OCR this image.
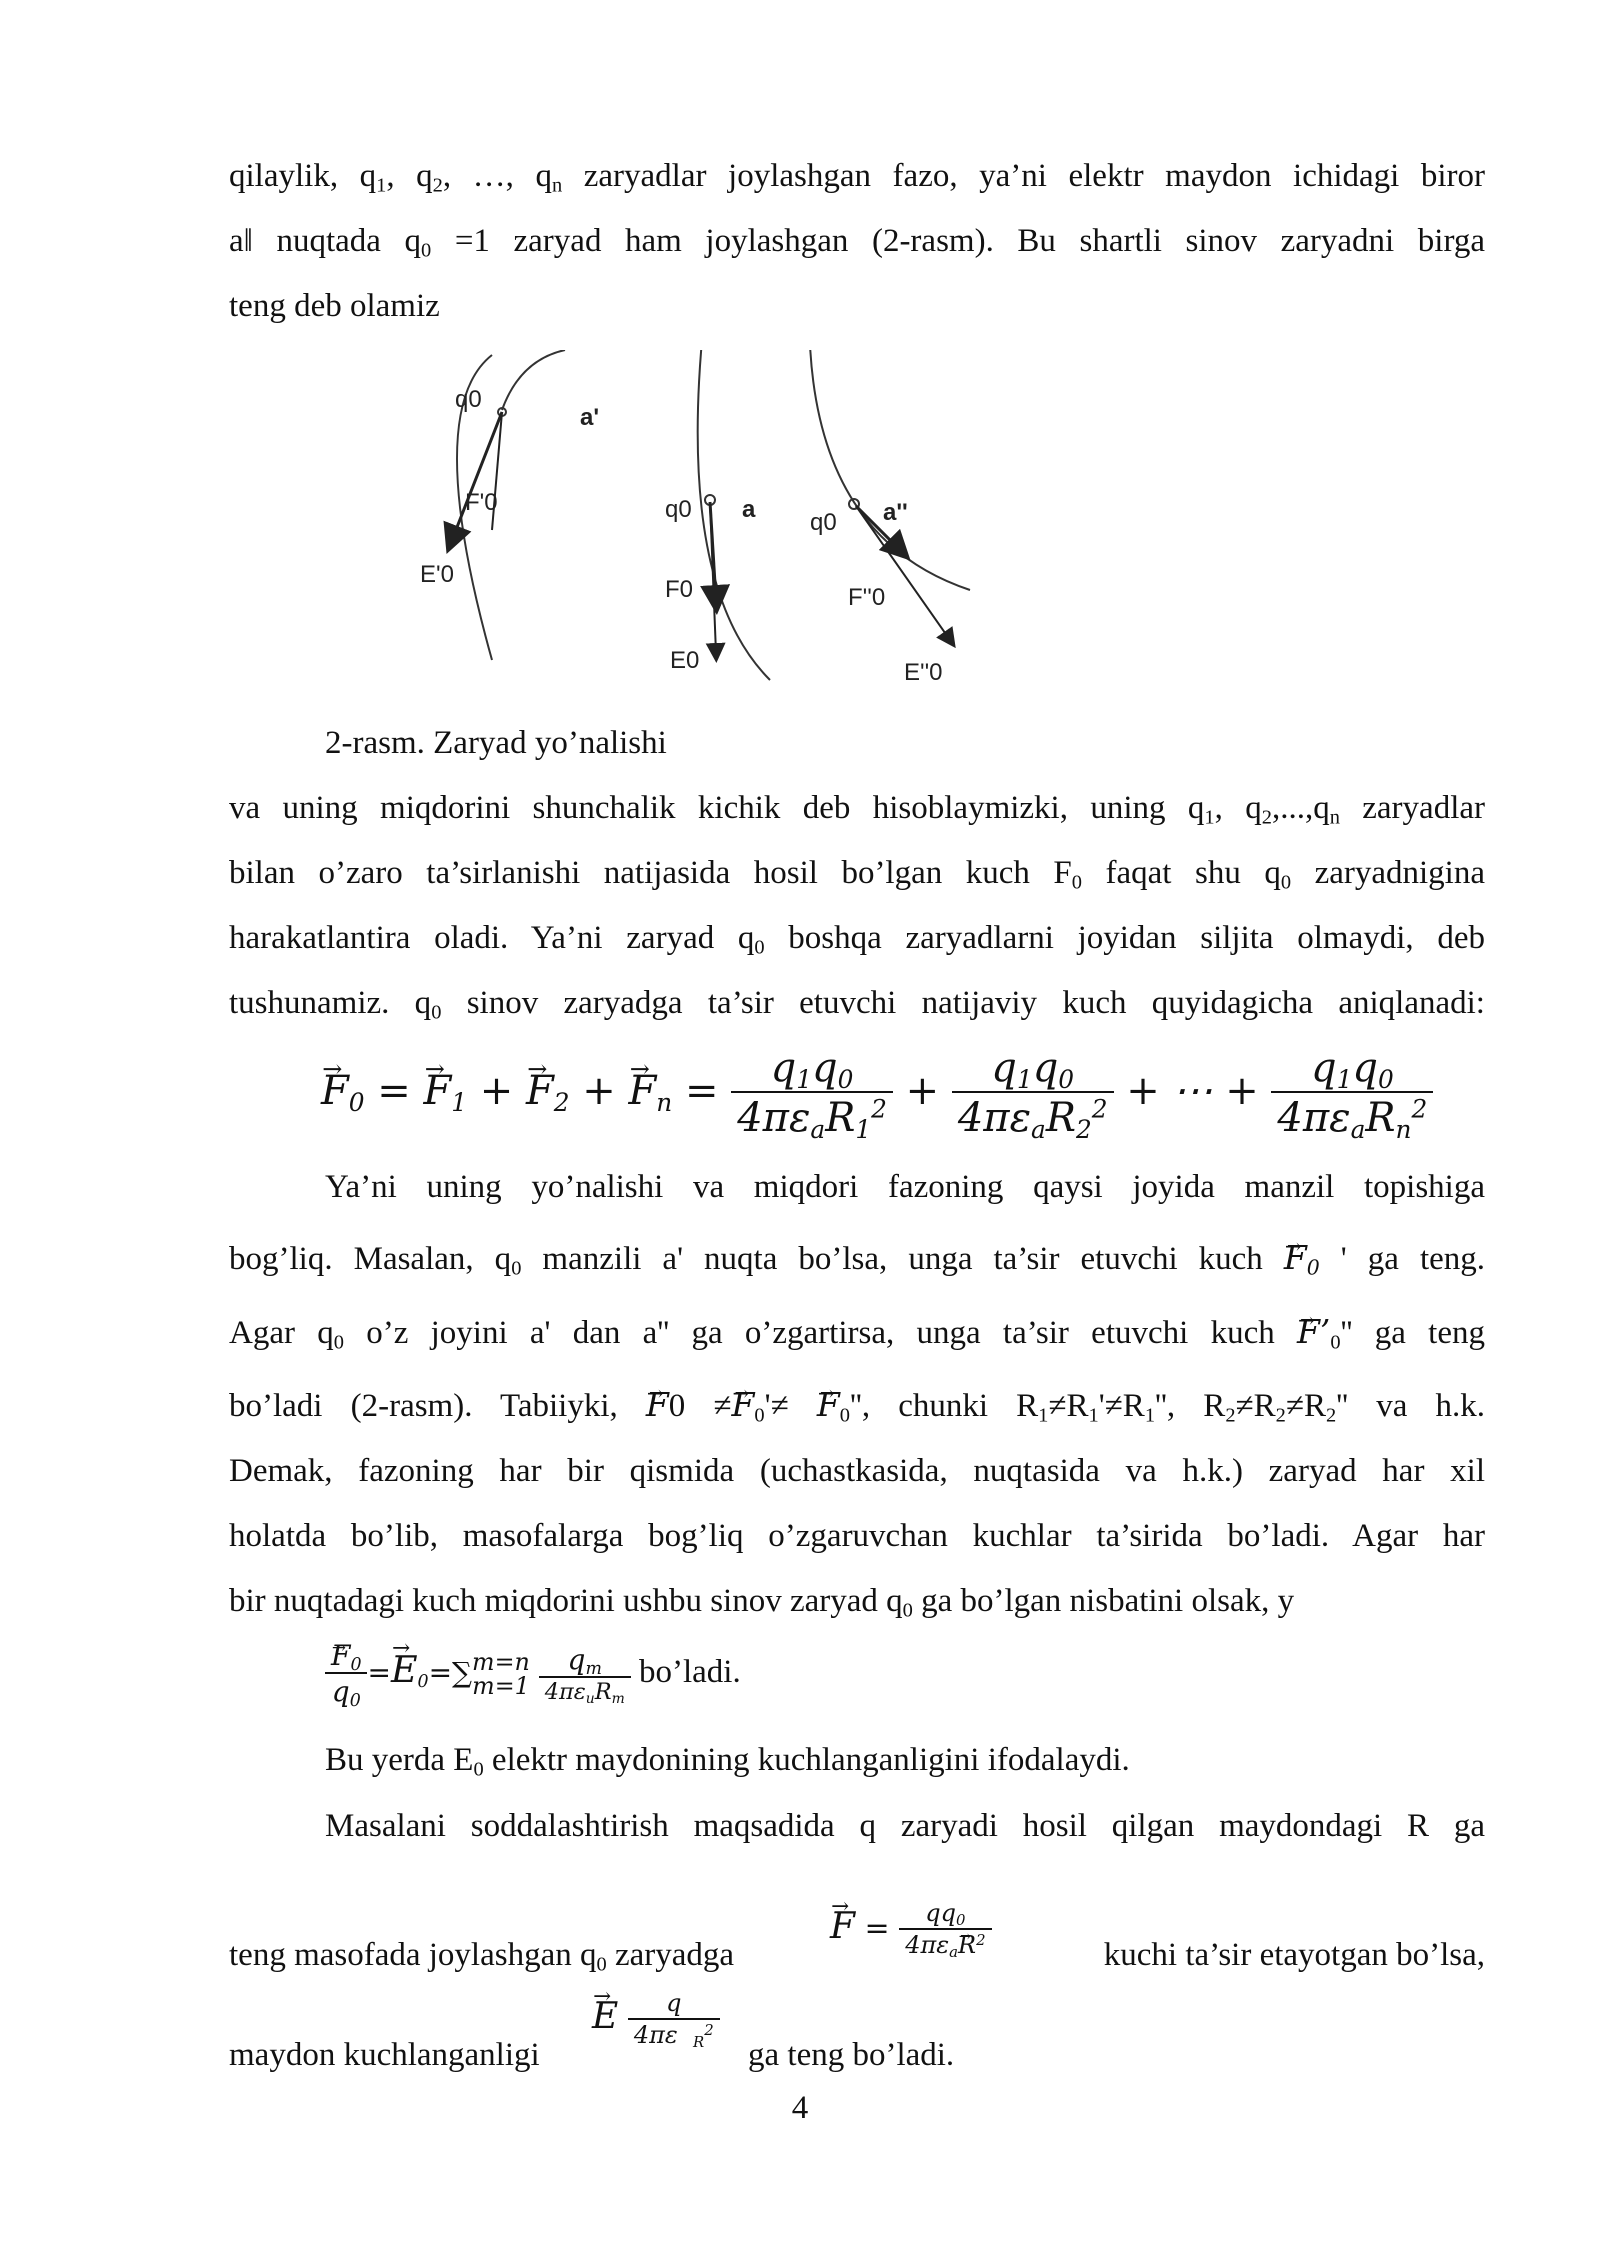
qilaylik, $q_1$, $q_2$, …, $q_n$ zaryadlar joylashgan fazo, ya’ni elektr maydon ichidagi biror
a‖ nuqtada $q_0 =1$ zaryad ham joylashgan (2-rasm). Bu shartli sinov zaryadni birga
teng deb olamiz
q0
a'
F'0
E'0
q0 a
F0
E0
q0 a''
F''0
E''0
2-rasm. Zaryad yo’nalishi
va uning miqdorini shunchalik kichik deb hisoblaymizki, uning $q_1$, $q_2,...,q_n$ zaryadlar
bilan o’zaro ta’sirlanishi natijasida hosil bo’lgan kuch $F_0$ faqat shu $q_0$ zaryadnigina
harakatlantira oladi. Ya’ni zaryad $q_0$ boshqa zaryadlarni joyidan siljita olmaydi, deb
tushunamiz. $q_0$ sinov zaryadga ta’sir etuvchi natijaviy kuch quyidagicha aniqlanadi:
→ $F_0$ = → $F_1$ + → $F_2$ + → $F_n = \frac{q_1q_0}{4\pi\varepsilon_aR_1^2} + \frac{q_1q_0}{4\pi\varepsilon_aR_2^2}$ + ⋯ + $\frac{q_1q_0}{4\pi\varepsilon_aR_n^2}$
Ya’ni uning yo’nalishi va miqdori fazoning qaysi joyida manzil topishiga
bog’liq. Masalan, $q_0$ manzili a' nuqta bo’lsa, unga ta’sir etuvchi kuch → $F_0$ ' ga teng.
Agar $q_0$ o’z joyini a' dan a'' ga o’zgartirsa, unga ta’sir etuvchi kuch → $F’_0''$ ga teng
bo’ladi (2-rasm). Tabiiyki, → $F0 \ne\to F_0'\ne \to F_0''$, chunki $R_1\ne R_1'\ne R_1''$, $R_2\ne R_2\ne R_2''$ va h.k.
Demak, fazoning har bir qismida (uchastkasida, nuqtasida va h.k.) zaryad har xil
holatda bo’lib, masofalarga bog’liq o’zgaruvchan kuchlar ta’sirida bo’ladi. Agar har
bir nuqtadagi kuch miqdorini ushbu sinov zaryad $q_0$ ga bo’lgan nisbatini olsak, y
→ $\frac{F_0}{q_0} =\to E_0=\sum$ m=n
m=1
$\frac{q_m}{4\pi\varepsilon_uR_m}$ bo’ladi.
Bu yerda $E_0$ elektr maydonining kuchlanganligini ifodalaydi.
Masalani soddalashtirish maqsadida q zaryadi hosil qilgan maydondagi R ga
teng masofada joylashgan $q_0$ zaryadga
→ $F = \frac{qq_0}{4\pi\varepsilon_a\to R^2}$	kuchi ta’sir etayotgan bo’lsa,
maydon kuchlanganligi
→ E $\frac{q}{4\pi\varepsilon _R^2}$
ga teng bo’ladi.
4
